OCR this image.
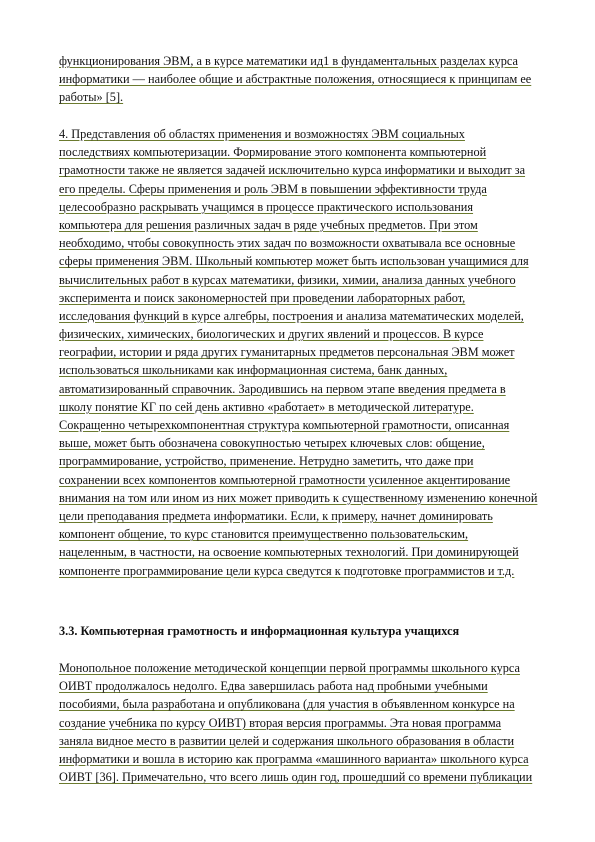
функционирования ЭВМ, а в курсе математики ид1 в фундаментальных разделах курса
информатики — наиболее общие и абстрактные положения, относящиеся к принципам ее
работы» [5].
4. Представления об областях применения и возможностях ЭВМ социальных
последствиях компьютеризации. Формирование этого компонента компьютерной
грамотности также не является задачей исключительно курса информатики и выходит за
его пределы. Сферы применения и роль ЭВМ в повышении эффективности труда
целесообразно раскрывать учащимся в процессе практического использования
компьютера для решения различных задач в ряде учебных предметов. При этом
необходимо, чтобы совокупность этих задач по возможности охватывала все основные
сферы применения ЭВМ. Школьный компьютер может быть использован учащимися для
вычислительных работ в курсах математики, физики, химии, анализа данных учебного
эксперимента и поиск закономерностей при проведении лабораторных работ,
исследования функций в курсе алгебры, построения и анализа математических моделей,
физических, химических, биологических и других явлений и процессов. В курсе
географии, истории и ряда других гуманитарных предметов персональная ЭВМ может
использоваться школьниками как информационная система, банк данных,
автоматизированный справочник. Зародившись на первом этапе введения предмета в
школу понятие КГ по сей день активно «работает» в методической литературе.
Сокращенно четырехкомпонентная структура компьютерной грамотности, описанная
выше, может быть обозначена совокупностью четырех ключевых слов: общение,
программирование, устройство, применение. Нетрудно заметить, что даже при
сохранении всех компонентов компьютерной грамотности усиленное акцентирование
внимания на том или ином из них может приводить к существенному изменению конечной
цели преподавания предмета информатики. Если, к примеру, начнет доминировать
компонент общение, то курс становится преимущественно пользовательским,
нацеленным, в частности, на освоение компьютерных технологий. При доминирующей
компоненте программирование цели курса сведутся к подготовке программистов и т.д.
3.3. Компьютерная грамотность и информационная культура учащихся
Монопольное положение методической концепции первой программы школьного курса
ОИВТ продолжалось недолго. Едва завершилась работа над пробными учебными
пособиями, была разработана и опубликована (для участия в объявленном конкурсе на
создание учебника по курсу ОИВТ) вторая версия программы. Эта новая программа
заняла видное место в развитии целей и содержания школьного образования в области
информатики и вошла в историю как программа «машинного варианта» школьного курса
ОИВТ [36]. Примечательно, что всего лишь один год, прошедший со времени публикации
